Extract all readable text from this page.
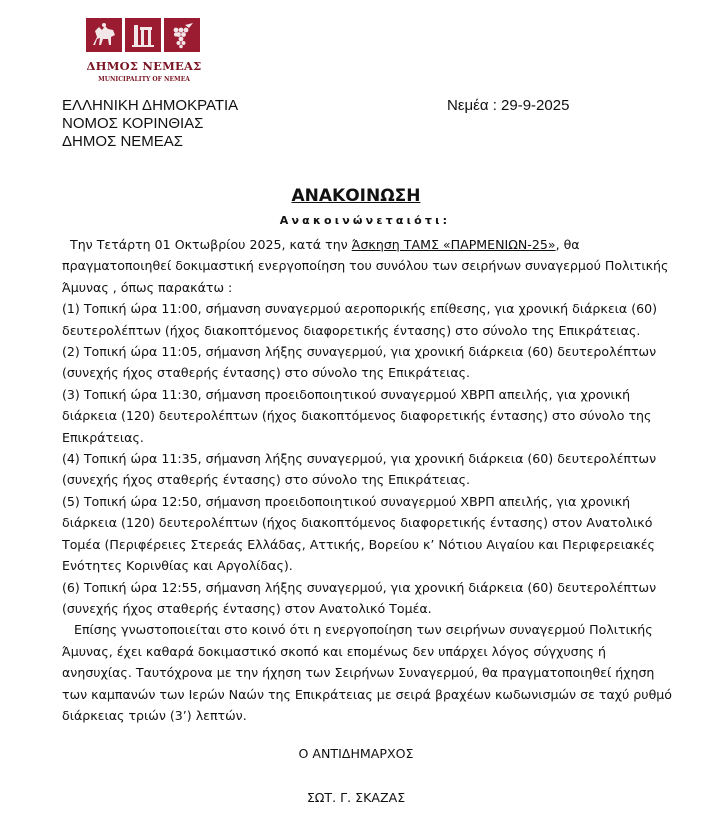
ΔΗΜΟΣ ΝΕΜΕΑΣ
MUNICIPALITY OF NEMEA
ΕΛΛΗΝΙΚΗ ΔΗΜΟΚΡΑΤΙΑ
ΝΟΜΟΣ ΚΟΡΙΝΘΙΑΣ
ΔΗΜΟΣ ΝΕΜΕΑΣ
Νεμέα : 29-9-2025
ΑΝΑΚΟΙΝΩΣΗ
Ανακοινώνεταιότι:
Την Τετάρτη 01 Οκτωβρίου 2025, κατά την Άσκηση ΤΑΜΣ «ΠΑΡΜΕΝΙΩΝ-25», θα
πραγματοποιηθεί δοκιμαστική ενεργοποίηση του συνόλου των σειρήνων συναγερμού Πολιτικής
Άμυνας , όπως παρακάτω :
(1) Τοπική ώρα 11:00, σήμανση συναγερμού αεροπορικής επίθεσης, για χρονική διάρκεια (60)
δευτερολέπτων (ήχος διακοπτόμενος διαφορετικής έντασης) στο σύνολο της Επικράτειας.
(2) Τοπική ώρα 11:05, σήμανση λήξης συναγερμού, για χρονική διάρκεια (60) δευτερολέπτων
(συνεχής ήχος σταθερής έντασης) στο σύνολο της Επικράτειας.
(3) Τοπική ώρα 11:30, σήμανση προειδοποιητικού συναγερμού ΧΒΡΠ απειλής, για χρονική
διάρκεια (120) δευτερολέπτων (ήχος διακοπτόμενος διαφορετικής έντασης) στο σύνολο της
Επικράτειας.
(4) Τοπική ώρα 11:35, σήμανση λήξης συναγερμού, για χρονική διάρκεια (60) δευτερολέπτων
(συνεχής ήχος σταθερής έντασης) στο σύνολο της Επικράτειας.
(5) Τοπική ώρα 12:50, σήμανση προειδοποιητικού συναγερμού ΧΒΡΠ απειλής, για χρονική
διάρκεια (120) δευτερολέπτων (ήχος διακοπτόμενος διαφορετικής έντασης) στον Ανατολικό
Τομέα (Περιφέρειες Στερεάς Ελλάδας, Αττικής, Βορείου κ’ Νότιου Αιγαίου και Περιφερειακές
Ενότητες Κορινθίας και Αργολίδας).
(6) Τοπική ώρα 12:55, σήμανση λήξης συναγερμού, για χρονική διάρκεια (60) δευτερολέπτων
(συνεχής ήχος σταθερής έντασης) στον Ανατολικό Τομέα.
Επίσης γνωστοποιείται στο κοινό ότι η ενεργοποίηση των σειρήνων συναγερμού Πολιτικής
Άμυνας, έχει καθαρά δοκιμαστικό σκοπό και επομένως δεν υπάρχει λόγος σύγχυσης ή
ανησυχίας. Ταυτόχρονα με την ήχηση των Σειρήνων Συναγερμού, θα πραγματοποιηθεί ήχηση
των καμπανών των Ιερών Ναών της Επικράτειας με σειρά βραχέων κωδωνισμών σε ταχύ ρυθμό
διάρκειας τριών (3’) λεπτών.
Ο ΑΝΤΙΔΗΜΑΡΧΟΣ
ΣΩΤ. Γ. ΣΚΑΖΑΣ
